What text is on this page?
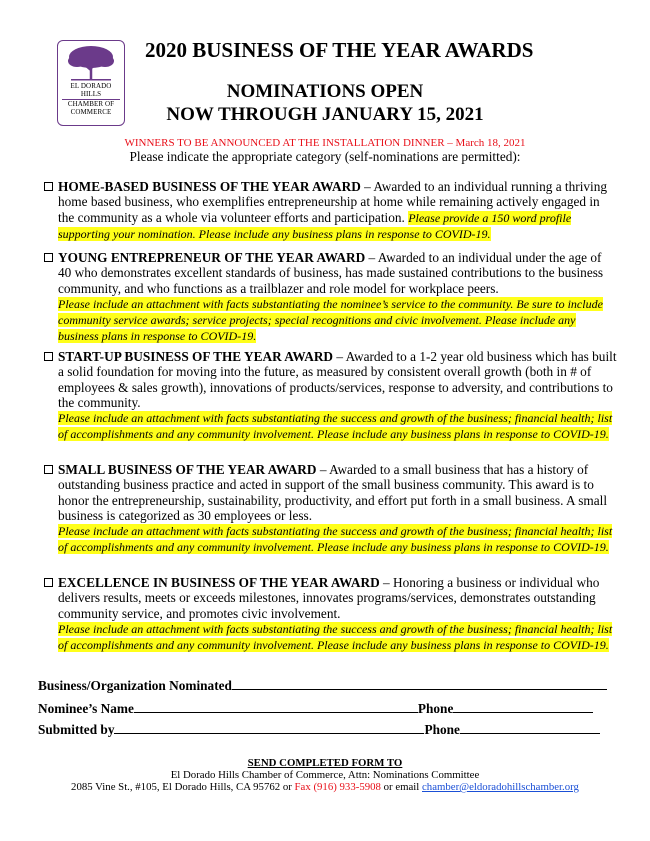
EL DORADO
HILLS
CHAMBER OF
COMMERCE
2020 BUSINESS OF THE YEAR AWARDS
NOMINATIONS OPEN
NOW THROUGH JANUARY 15, 2021
WINNERS TO BE ANNOUNCED AT THE INSTALLATION DINNER – March 18, 2021
Please indicate the appropriate category (self-nominations are permitted):
HOME-BASED BUSINESS OF THE YEAR AWARD – Awarded to an individual running a thriving home based business, who exemplifies entrepreneurship at home while remaining actively engaged in the community as a whole via volunteer efforts and participation. Please provide a 150 word profile supporting your nomination. Please include any business plans in response to COVID-19.
YOUNG ENTREPRENEUR OF THE YEAR AWARD – Awarded to an individual under the age of 40 who demonstrates excellent standards of business, has made sustained contributions to the business community, and who functions as a trailblazer and role model for workplace peers.
Please include an attachment with facts substantiating the nominee’s service to the community. Be sure to include community service awards; service projects; special recognitions and civic involvement. Please include any business plans in response to COVID-19.
START-UP BUSINESS OF THE YEAR AWARD – Awarded to a 1-2 year old business which has built a solid foundation for moving into the future, as measured by consistent overall growth (both in # of employees & sales growth), innovations of products/services, response to adversity, and contributions to the community.
Please include an attachment with facts substantiating the success and growth of the business; financial health; list of accomplishments and any community involvement. Please include any business plans in response to COVID-19.
SMALL BUSINESS OF THE YEAR AWARD – Awarded to a small business that has a history of outstanding business practice and acted in support of the small business community. This award is to honor the entrepreneurship, sustainability, productivity, and effort put forth in a small business. A small business is categorized as 30 employees or less.
Please include an attachment with facts substantiating the success and growth of the business; financial health; list of accomplishments and any community involvement. Please include any business plans in response to COVID-19.
EXCELLENCE IN BUSINESS OF THE YEAR AWARD – Honoring a business or individual who delivers results, meets or exceeds milestones, innovates programs/services, demonstrates outstanding community service, and promotes civic involvement.
Please include an attachment with facts substantiating the success and growth of the business; financial health; list of accomplishments and any community involvement. Please include any business plans in response to COVID-19.
Business/Organization Nominated
Nominee’s Name	Phone
Submitted by	Phone
SEND COMPLETED FORM TO
El Dorado Hills Chamber of Commerce, Attn: Nominations Committee
2085 Vine St., #105, El Dorado Hills, CA 95762 or Fax (916) 933-5908 or email chamber@eldoradohillschamber.org
